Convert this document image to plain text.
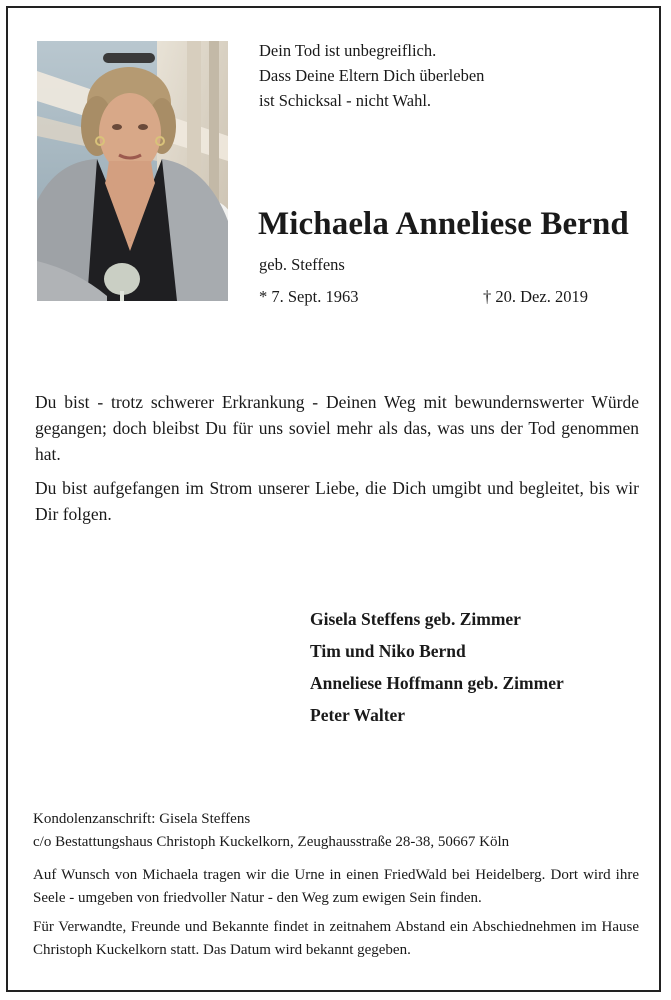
Dein Tod ist unbegreiflich.
Dass Deine Eltern Dich überleben
ist Schicksal - nicht Wahl.
Michaela Anneliese Bernd
geb. Steffens
* 7. Sept. 1963	† 20. Dez. 2019

Du bist - trotz schwerer Erkrankung - Deinen Weg mit bewundernswerter Würde gegangen; doch bleibst Du für uns soviel mehr als das, was uns der Tod genommen hat.

Du bist aufgefangen im Strom unserer Liebe, die Dich umgibt und begleitet, bis wir Dir folgen.

Gisela Steffens geb. Zimmer
Tim und Niko Bernd
Anneliese Hoffmann geb. Zimmer
Peter Walter
Kondolenzanschrift: Gisela Steffens
c/o Bestattungshaus Christoph Kuckelkorn, Zeughausstraße 28-38, 50667 Köln

Auf Wunsch von Michaela tragen wir die Urne in einen FriedWald bei Heidelberg. Dort wird ihre Seele - umgeben von friedvoller Natur - den Weg zum ewigen Sein finden.

Für Verwandte, Freunde und Bekannte findet in zeitnahem Abstand ein Abschiednehmen im Hause Christoph Kuckelkorn statt. Das Datum wird bekannt gegeben.
